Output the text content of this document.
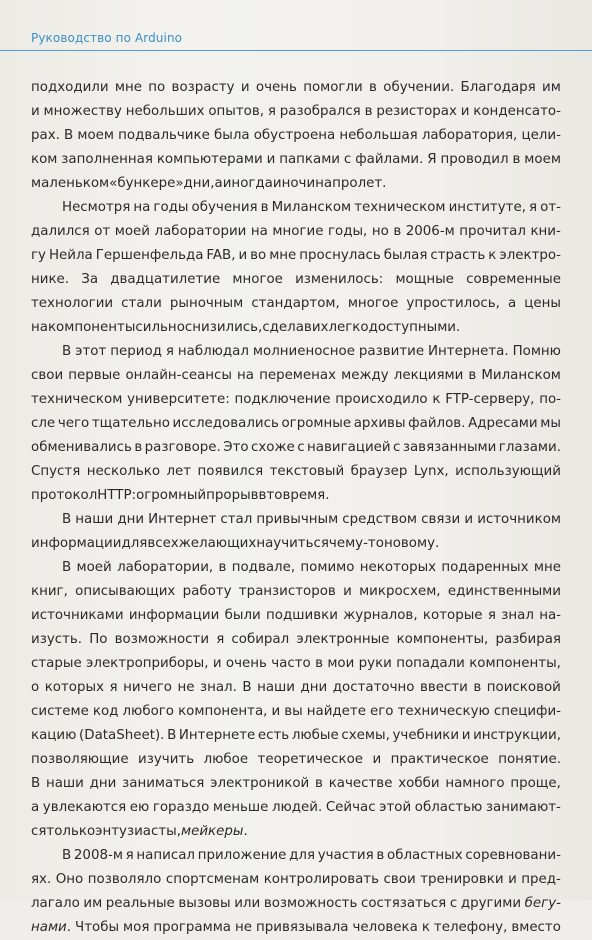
Руководство по Arduino
подходили мне по возрасту и очень помогли в обучении. Благодаря им
и множеству небольших опытов, я разобрался в резисторах и конденсато-
рах. В моем подвальчике была обустроена небольшая лаборатория, цели-
ком заполненная компьютерами и папками с файлами. Я проводил в моем
маленьком «бункере» дни, а иногда и ночи напролет.
Несмотря на годы обучения в Миланском техническом институте, я от-
далился от моей лаборатории на многие годы, но в 2006-м прочитал кни-
гу Нейла Гершенфельда FAB, и во мне проснулась былая страсть к электро-
нике. За двадцатилетие многое изменилось: мощные современные
технологии стали рыночным стандартом, многое упростилось, а цены
на компоненты сильно снизились, сделав их легкодоступными.
В этот период я наблюдал молниеносное развитие Интернета. Помню
свои первые онлайн-сеансы на переменах между лекциями в Миланском
техническом университете: подключение происходило к FTP-серверу, по-
сле чего тщательно исследовались огромные архивы файлов. Адресами мы
обменивались в разговоре. Это схоже с навигацией с завязанными глазами.
Спустя несколько лет появился текстовый браузер Lynx, использующий
протокол HTTP: огромный прорыв в то время.
В наши дни Интернет стал привычным средством связи и источником
информации для всех желающих научиться чему-то новому.
В моей лаборатории, в подвале, помимо некоторых подаренных мне
книг, описывающих работу транзисторов и микросхем, единственными
источниками информации были подшивки журналов, которые я знал на-
изусть. По возможности я собирал электронные компоненты, разбирая
старые электроприборы, и очень часто в мои руки попадали компоненты,
о которых я ничего не знал. В наши дни достаточно ввести в поисковой
системе код любого компонента, и вы найдете его техническую специфи-
кацию (DataSheet). В Интернете есть любые схемы, учебники и инструкции,
позволяющие изучить любое теоретическое и практическое понятие.
В наши дни заниматься электроникой в качестве хобби намного проще,
а увлекаются ею гораздо меньше людей. Сейчас этой областью занимают-
ся только энтузиасты, мейкеры.
В 2008-м я написал приложение для участия в областных соревновани-
ях. Оно позволяло спортсменам контролировать свои тренировки и пред-
лагало им реальные вызовы или возможность состязаться с другими бегу-
нами. Чтобы моя программа не привязывала человека к телефону, вместо
